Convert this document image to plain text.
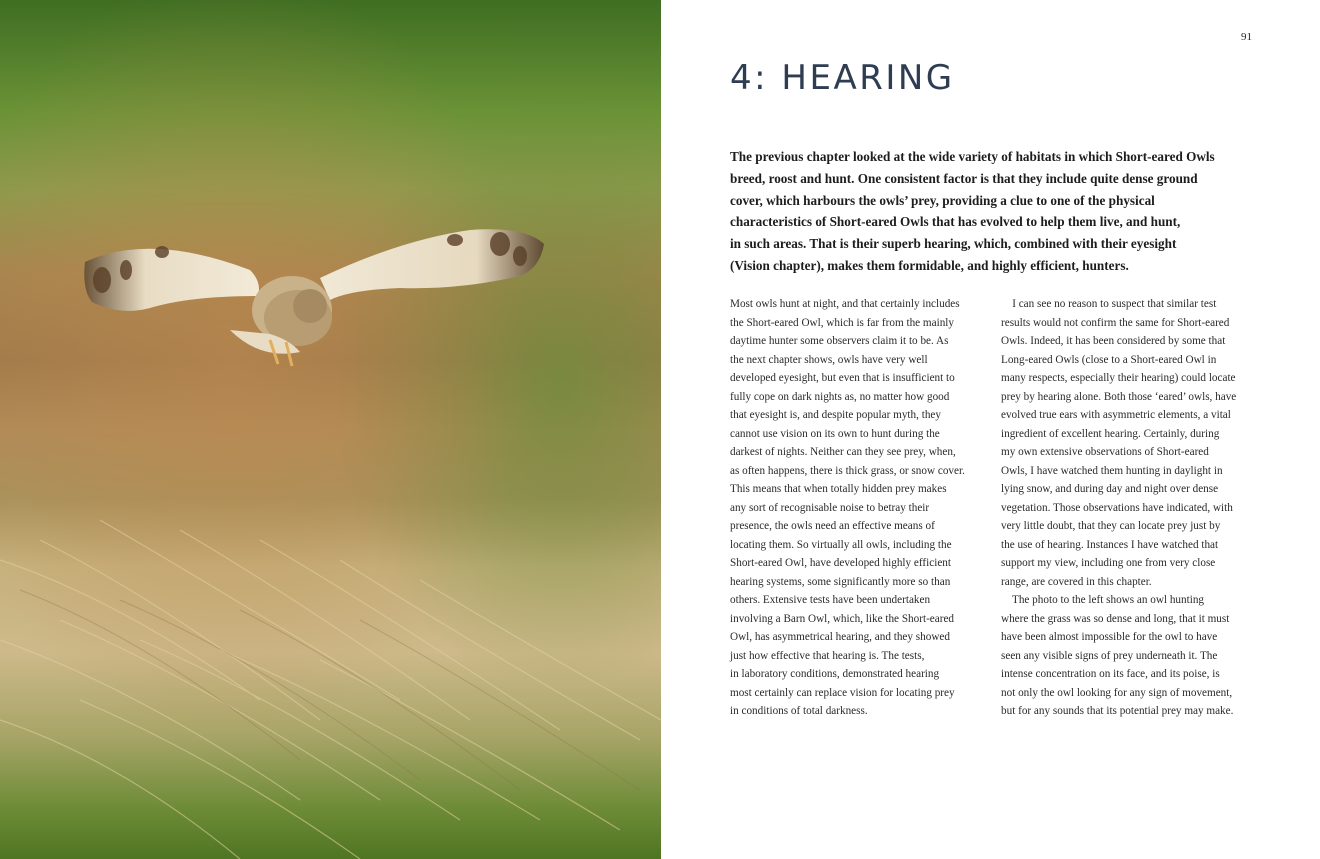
91
4: HEARING

The previous chapter looked at the wide variety of habitats in which Short-eared Owls
breed, roost and hunt. One consistent factor is that they include quite dense ground
cover, which harbours the owls’ prey, providing a clue to one of the physical
characteristics of Short-eared Owls that has evolved to help them live, and hunt,
in such areas. That is their superb hearing, which, combined with their eyesight
(Vision chapter), makes them formidable, and highly efficient, hunters.

Most owls hunt at night, and that certainly includes
the Short-eared Owl, which is far from the mainly
daytime hunter some observers claim it to be. As
the next chapter shows, owls have very well
developed eyesight, but even that is insufficient to
fully cope on dark nights as, no matter how good
that eyesight is, and despite popular myth, they
cannot use vision on its own to hunt during the
darkest of nights. Neither can they see prey, when,
as often happens, there is thick grass, or snow cover.
This means that when totally hidden prey makes
any sort of recognisable noise to betray their
presence, the owls need an effective means of
locating them. So virtually all owls, including the
Short-eared Owl, have developed highly efficient
hearing systems, some significantly more so than
others. Extensive tests have been undertaken
involving a Barn Owl, which, like the Short-eared
Owl, has asymmetrical hearing, and they showed
just how effective that hearing is. The tests,
in laboratory conditions, demonstrated hearing
most certainly can replace vision for locating prey
in conditions of total darkness.

I can see no reason to suspect that similar test
results would not confirm the same for Short-eared
Owls. Indeed, it has been considered by some that
Long-eared Owls (close to a Short-eared Owl in
many respects, especially their hearing) could locate
prey by hearing alone. Both those ‘eared’ owls, have
evolved true ears with asymmetric elements, a vital
ingredient of excellent hearing. Certainly, during
my own extensive observations of Short-eared
Owls, I have watched them hunting in daylight in
lying snow, and during day and night over dense
vegetation. Those observations have indicated, with
very little doubt, that they can locate prey just by
the use of hearing. Instances I have watched that
support my view, including one from very close
range, are covered in this chapter.
The photo to the left shows an owl hunting
where the grass was so dense and long, that it must
have been almost impossible for the owl to have
seen any visible signs of prey underneath it. The
intense concentration on its face, and its poise, is
not only the owl looking for any sign of movement,
but for any sounds that its potential prey may make.
